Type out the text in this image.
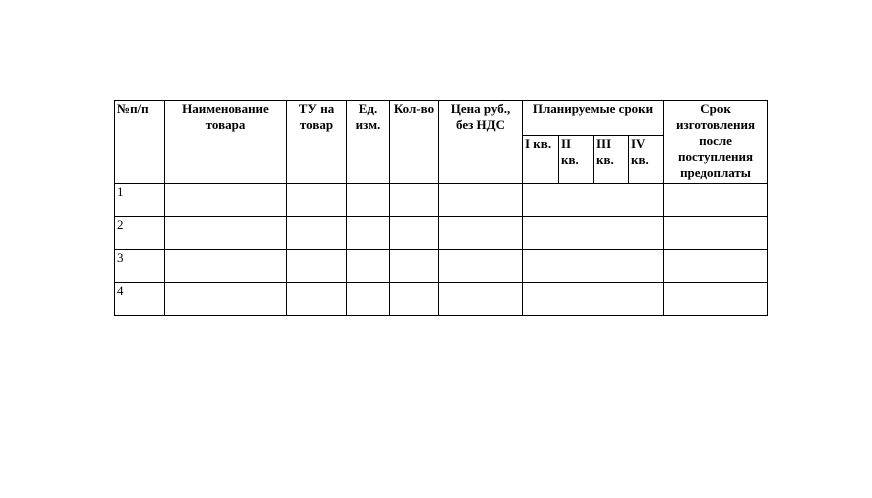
№п/п	Наименование товара	ТУ на товар	Ед. изм.	Кол-во	Цена руб., без НДС	Планируемые сроки				Срок изготовления после поступления предоплаты
						I кв.	II кв.	III кв.	IV кв.	
1										
2										
3										
4										
